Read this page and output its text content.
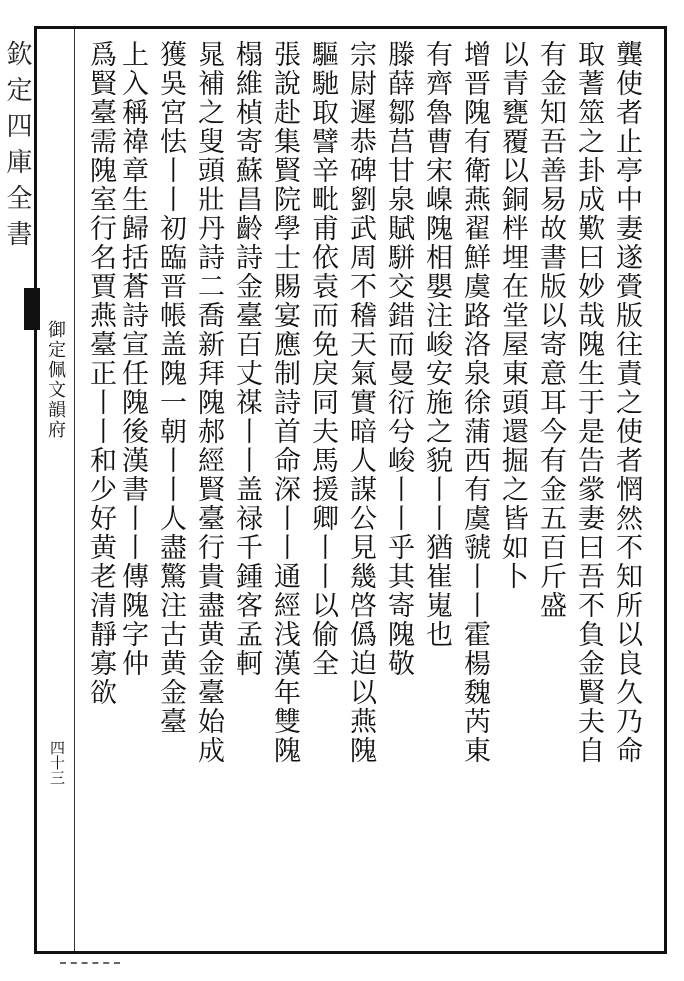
欽定四庫全書
御定佩文韻府
四十三	龔使者止亭中妻遂賫版往責之使者惘然不知所以良久乃命
取蓍筮之卦成歎曰妙哉隗生于是告䝉妻曰吾不負金賢夫自
有金知吾善易故書版以寄意耳今有金五百斤盛
以青甕覆以銅柈埋在堂屋東頭還掘之皆如卜
增晋隗有衛燕翟鮮虞路洛泉徐蒲西有虞虢丨丨霍楊魏芮東
有齊魯曹宋嵲隗相嬰注峻安施之貌丨丨猶崔嵬也
滕薛鄒莒甘泉賦駢交錯而曼衍兮峻丨丨乎其寄隗敬
宗尉遲恭碑劉武周不稽天氣實暗人謀公見㡬啓僞迫以燕隗
驅馳取譬辛毗甫依袁而免戾同夫馬援卿丨丨以偷全
張說赴集賢院學士賜宴應制詩首命深丨丨通經浅漢年雙隗
榻維楨寄蘇昌齡詩金臺百丈禖丨丨盖禄千鍾客孟軻
晁補之叟頭壯丹詩二喬新拜隗郝經賢臺行貴盡黄金臺始成
獲吳宮怯丨丨初臨晋帳盖隗一朝丨丨人盡驚注古黄金臺
上入稱禕章生歸括蒼詩宣任隗後漢書丨丨傳隗字仲
爲賢臺需隗室行名賈燕臺正丨丨和少好黄老清靜寡欲
